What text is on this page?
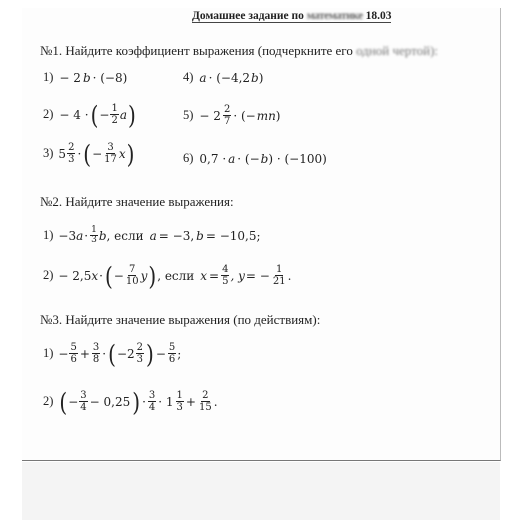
Домашнее задание по математике 18.03
№1. Найдите коэффициент выражения (подчеркните его одной чертой):
1) − 2 b · (−8)	4) a · (−4,2 b )
2) − 4 · ( − $\frac{1}{2}$ a )	$5) - 2 \frac{2}{7}$ · (− mn )
3) $5 \frac{2}{3}$ · ( − $\frac{3}{17}$ x )	6) 0,7 · a · (− b ) · (−100)
№2. Найдите значение выражения:
1) −3 $a \cdot \frac{1}{3}$ b , если a = −3, b = −10,5;
2) − 2,5 x · ( − $\frac{7}{10}$ y ) , если $x = \frac{4}{5}$ , y = − $\frac{1}{21}$ .
№3. Найдите значение выражения (по действиям):
$1) - \frac{5}{6} + \frac{3}{8}$ · ( $-2 \frac{2}{3}$ ) − $\frac{5}{6}$ ;
2) ( − $\frac{3}{4} - 0,25$ ) · $\frac{3}{4} \cdot 1 \frac{1}{3} + \frac{2}{15}$ .
